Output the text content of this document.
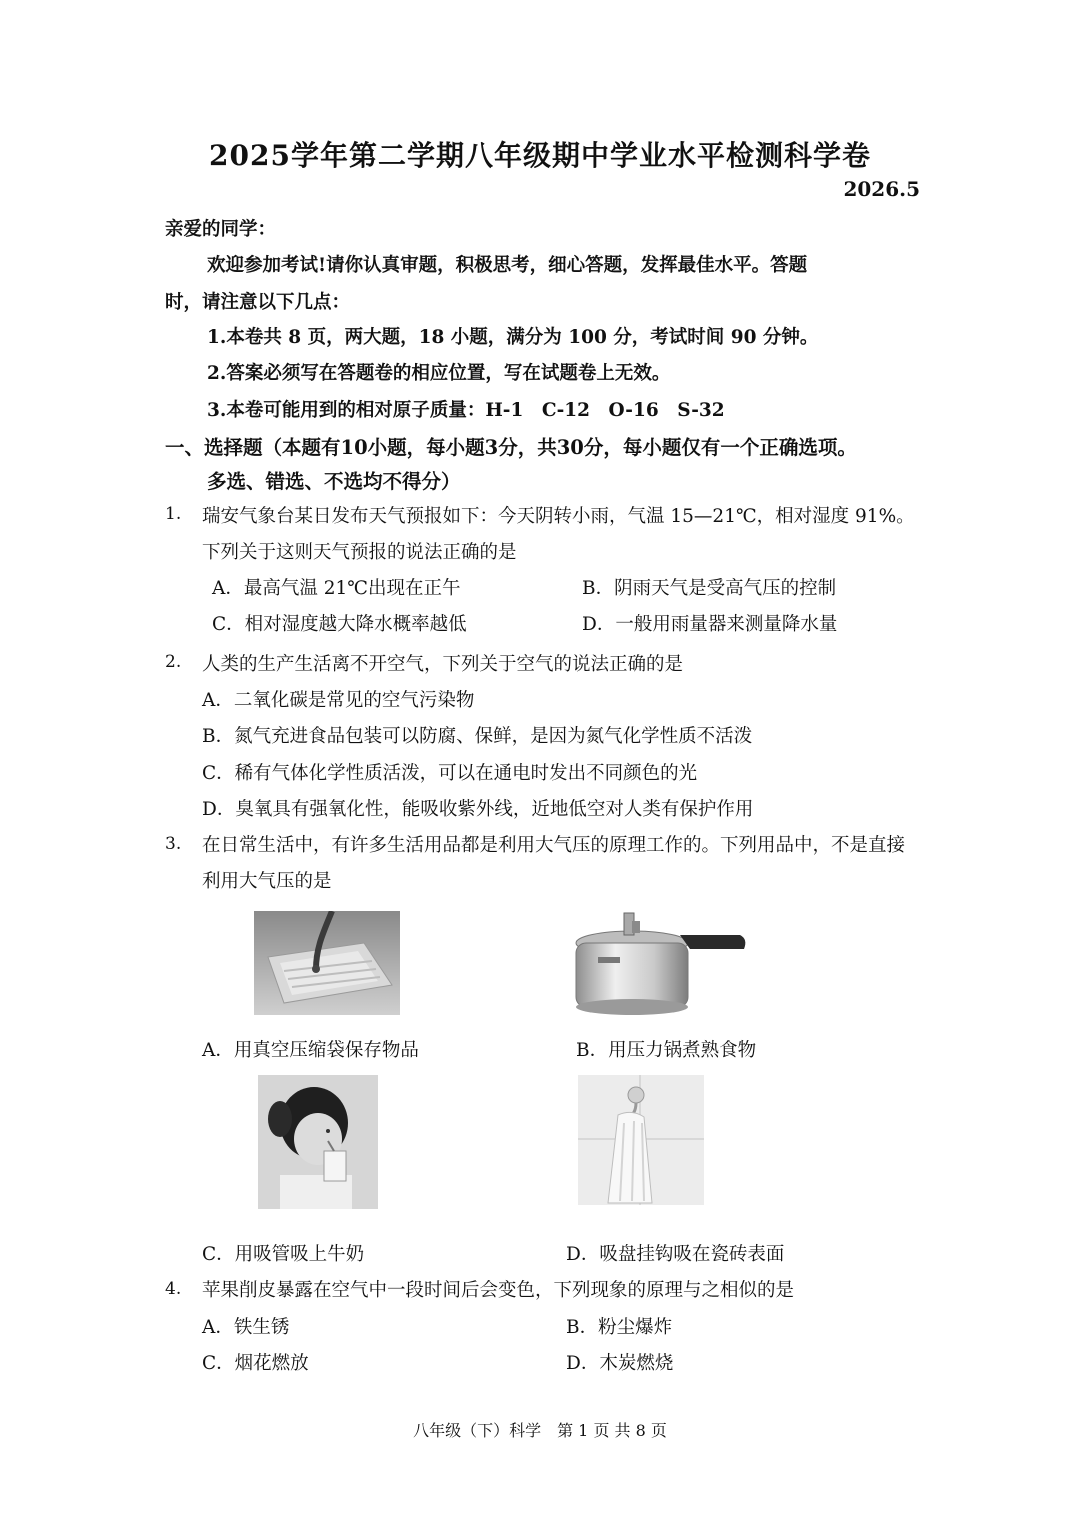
2025学年第二学期八年级期中学业水平检测科学卷
2026.5
亲爱的同学：
欢迎参加考试!请你认真审题，积极思考，细心答题，发挥最佳水平。答题
时，请注意以下几点：
1.本卷共 8 页，两大题，18 小题，满分为 100 分，考试时间 90 分钟。
2.答案必须写在答题卷的相应位置，写在试题卷上无效。
3.本卷可能用到的相对原子质量：H-1　C-12　O-16　S-32
一、选择题（本题有10小题，每小题3分，共30分，每小题仅有一个正确选项。
多选、错选、不选均不得分）
1. 瑞安气象台某日发布天气预报如下：今天阴转小雨，气温 15—21℃，相对湿度 91%。
下列关于这则天气预报的说法正确的是
A．最高气温 21℃出现在正午	B．阴雨天气是受高气压的控制
C．相对湿度越大降水概率越低	D．一般用雨量器来测量降水量
2. 人类的生产生活离不开空气，下列关于空气的说法正确的是
A．二氧化碳是常见的空气污染物
B．氮气充进食品包装可以防腐、保鲜，是因为氮气化学性质不活泼
C．稀有气体化学性质活泼，可以在通电时发出不同颜色的光
D．臭氧具有强氧化性，能吸收紫外线，近地低空对人类有保护作用
3. 在日常生活中，有许多生活用品都是利用大气压的原理工作的。下列用品中，不是直接
利用大气压的是
A．用真空压缩袋保存物品	B．用压力锅煮熟食物
C．用吸管吸上牛奶	D．吸盘挂钩吸在瓷砖表面
4. 苹果削皮暴露在空气中一段时间后会变色，下列现象的原理与之相似的是
A．铁生锈	B．粉尘爆炸
C．烟花燃放	D．木炭燃烧
八年级（下）科学　第 1 页 共 8 页
